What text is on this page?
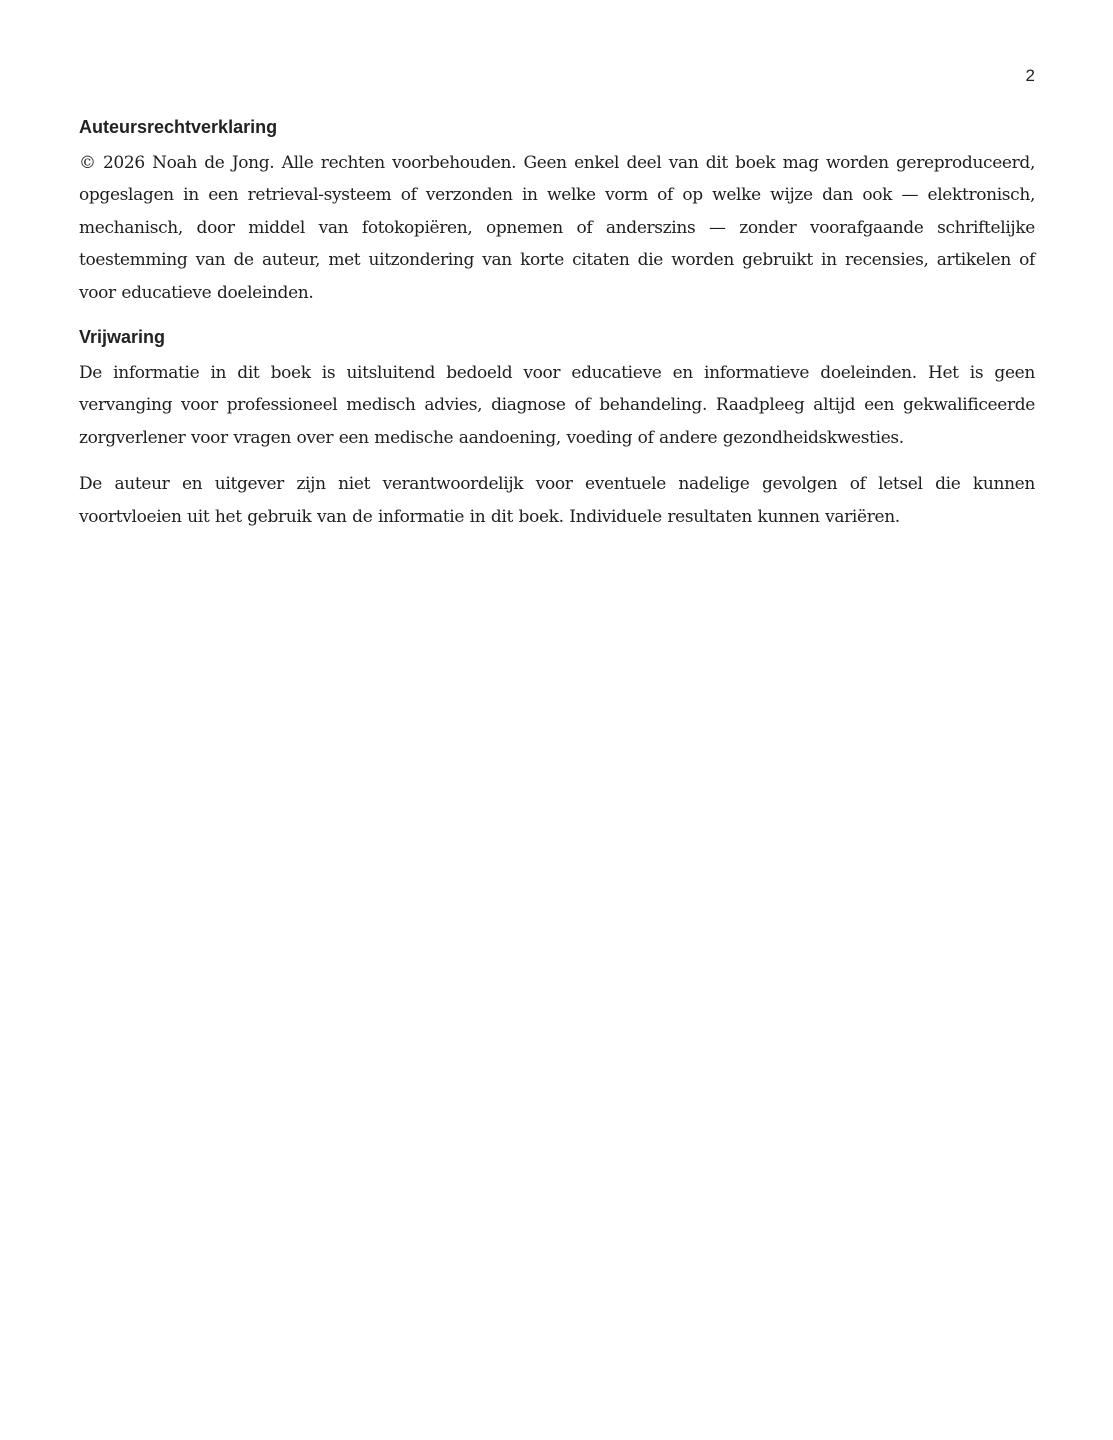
2
Auteursrechtverklaring

© 2026 Noah de Jong. Alle rechten voorbehouden. Geen enkel deel van dit boek mag worden gereproduceerd, opgeslagen in een retrieval-systeem of verzonden in welke vorm of op welke wijze dan ook — elektronisch, mechanisch, door middel van fotokopiëren, opnemen of anderszins — zonder voorafgaande schriftelijke toestemming van de auteur, met uitzondering van korte citaten die worden gebruikt in recensies, artikelen of voor educatieve doeleinden.

Vrijwaring

De informatie in dit boek is uitsluitend bedoeld voor educatieve en informatieve doeleinden. Het is geen vervanging voor professioneel medisch advies, diagnose of behandeling. Raadpleeg altijd een gekwalificeerde zorgverlener voor vragen over een medische aandoening, voeding of andere gezondheidskwesties.

De auteur en uitgever zijn niet verantwoordelijk voor eventuele nadelige gevolgen of letsel die kunnen voortvloeien uit het gebruik van de informatie in dit boek. Individuele resultaten kunnen variëren.
